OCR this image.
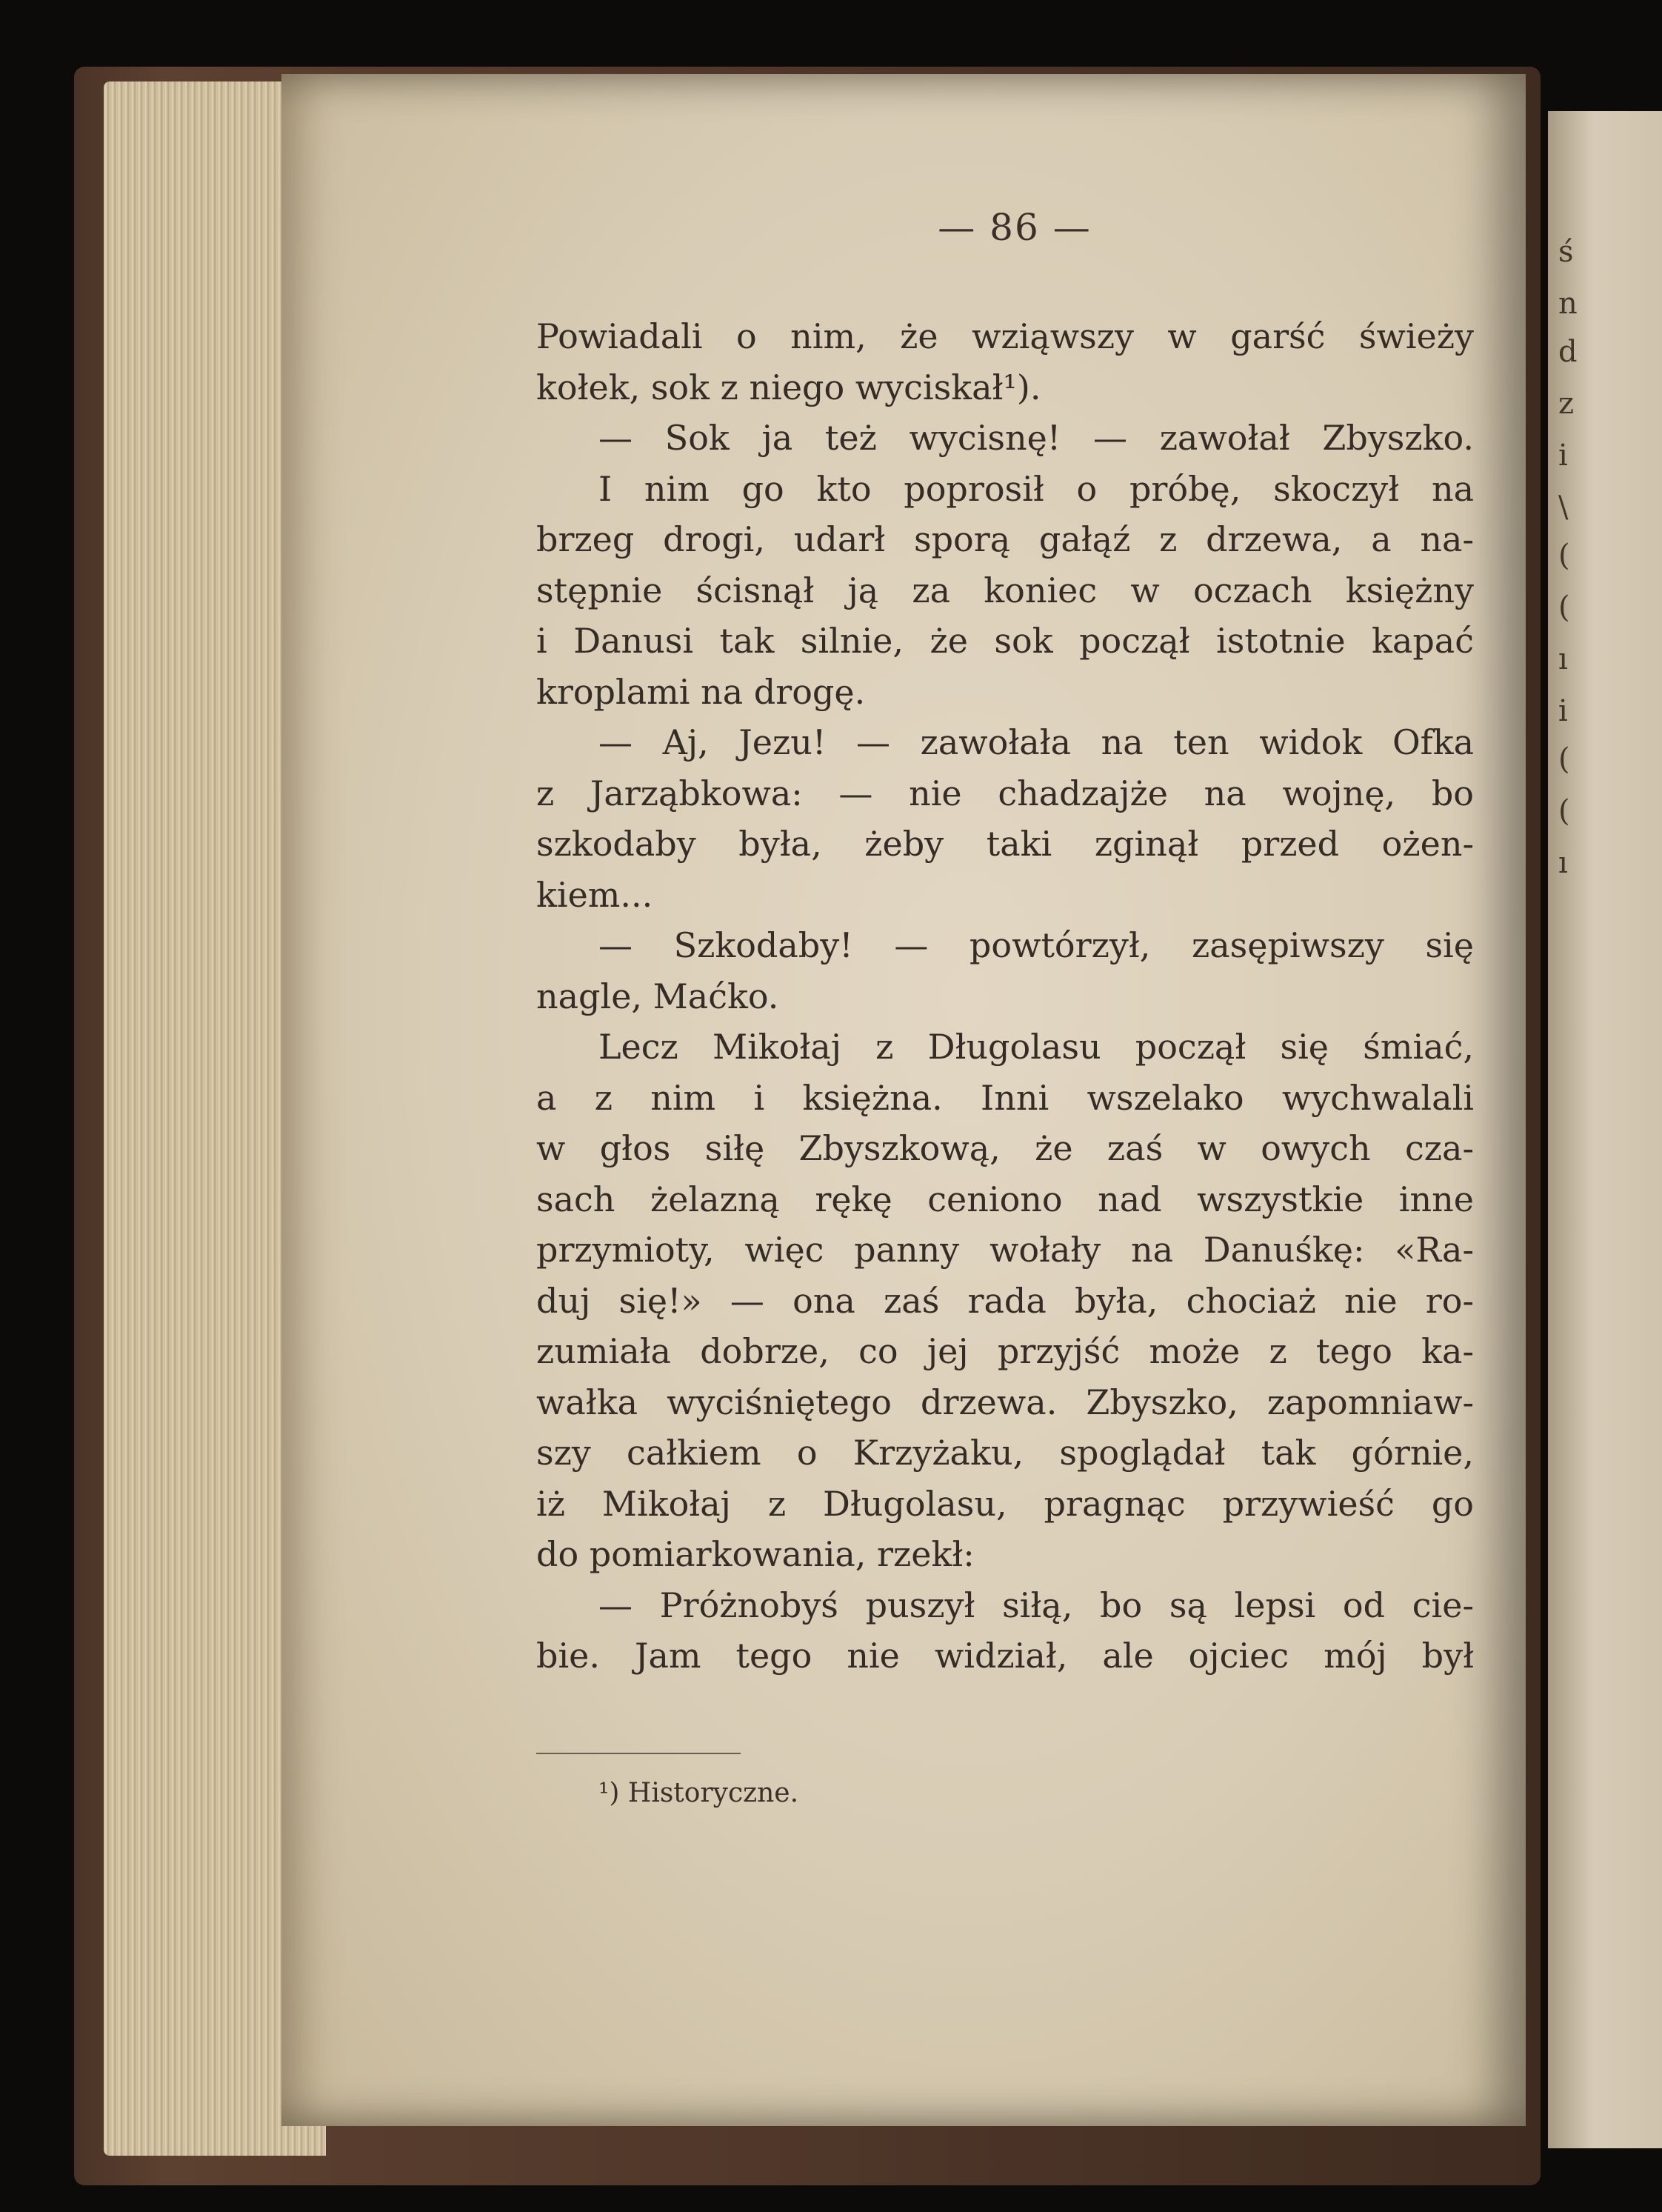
ś
n
d
z
i
\
(
(
ı
i
(
(
ı
— 86 —
Powiadali o nim, że wziąwszy w garść świeży
kołek, sok z niego wyciskał¹).
— Sok ja też wycisnę! — zawołał Zbyszko.
I nim go kto poprosił o próbę, skoczył na
brzeg drogi, udarł sporą gałąź z drzewa, a na-
stępnie ścisnął ją za koniec w oczach księżny
i Danusi tak silnie, że sok począł istotnie kapać
kroplami na drogę.
— Aj, Jezu! — zawołała na ten widok Ofka
z Jarząbkowa: — nie chadzajże na wojnę, bo
szkodaby była, żeby taki zginął przed ożen-
kiem...
— Szkodaby! — powtórzył, zasępiwszy się
nagle, Maćko.
Lecz Mikołaj z Długolasu począł się śmiać,
a z nim i księżna. Inni wszelako wychwalali
w głos siłę Zbyszkową, że zaś w owych cza-
sach żelazną rękę ceniono nad wszystkie inne
przymioty, więc panny wołały na Danuśkę: «Ra-
duj się!» — ona zaś rada była, chociaż nie ro-
zumiała dobrze, co jej przyjść może z tego ka-
wałka wyciśniętego drzewa. Zbyszko, zapomniaw-
szy całkiem o Krzyżaku, spoglądał tak górnie,
iż Mikołaj z Długolasu, pragnąc przywieść go
do pomiarkowania, rzekł:
— Próżnobyś puszył siłą, bo są lepsi od cie-
bie. Jam tego nie widział, ale ojciec mój był
¹) Historyczne.
